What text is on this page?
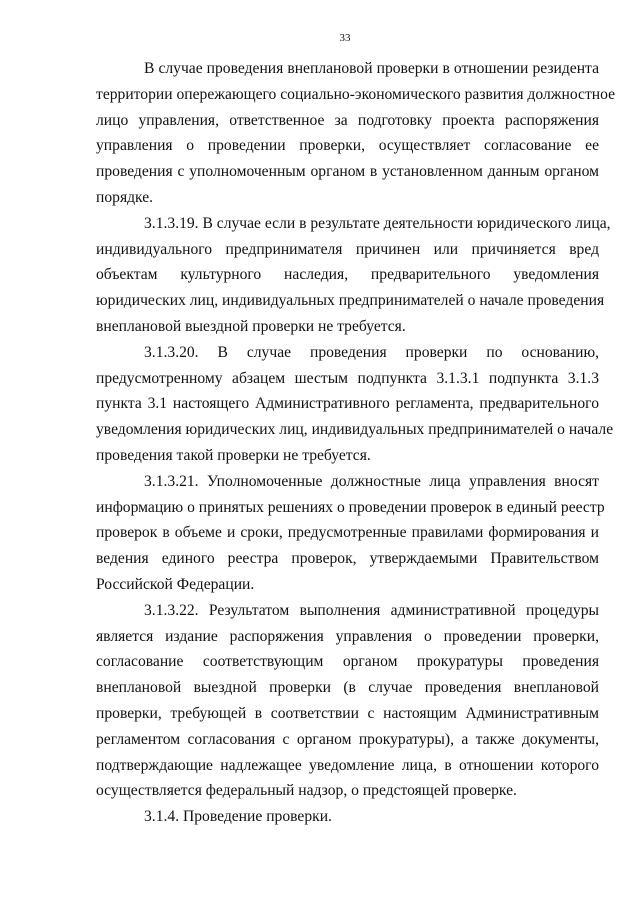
33
В случае проведения внеплановой проверки в отношении резидента
территории опережающего социально-экономического развития должностное
лицо управления, ответственное за подготовку проекта распоряжения
управления о проведении проверки, осуществляет согласование ее
проведения с уполномоченным органом в установленном данным органом
порядке.
3.1.3.19. В случае если в результате деятельности юридического лица,
индивидуального предпринимателя причинен или причиняется вред
объектам культурного наследия, предварительного уведомления
юридических лиц, индивидуальных предпринимателей о начале проведения
внеплановой выездной проверки не требуется.
3.1.3.20. В случае проведения проверки по основанию,
предусмотренному абзацем шестым подпункта 3.1.3.1 подпункта 3.1.3
пункта 3.1 настоящего Административного регламента, предварительного
уведомления юридических лиц, индивидуальных предпринимателей о начале
проведения такой проверки не требуется.
3.1.3.21. Уполномоченные должностные лица управления вносят
информацию о принятых решениях о проведении проверок в единый реестр
проверок в объеме и сроки, предусмотренные правилами формирования и
ведения единого реестра проверок, утверждаемыми Правительством
Российской Федерации.
3.1.3.22. Результатом выполнения административной процедуры
является издание распоряжения управления о проведении проверки,
согласование соответствующим органом прокуратуры проведения
внеплановой выездной проверки (в случае проведения внеплановой
проверки, требующей в соответствии с настоящим Административным
регламентом согласования с органом прокуратуры), а также документы,
подтверждающие надлежащее уведомление лица, в отношении которого
осуществляется федеральный надзор, о предстоящей проверке.
3.1.4. Проведение проверки.
